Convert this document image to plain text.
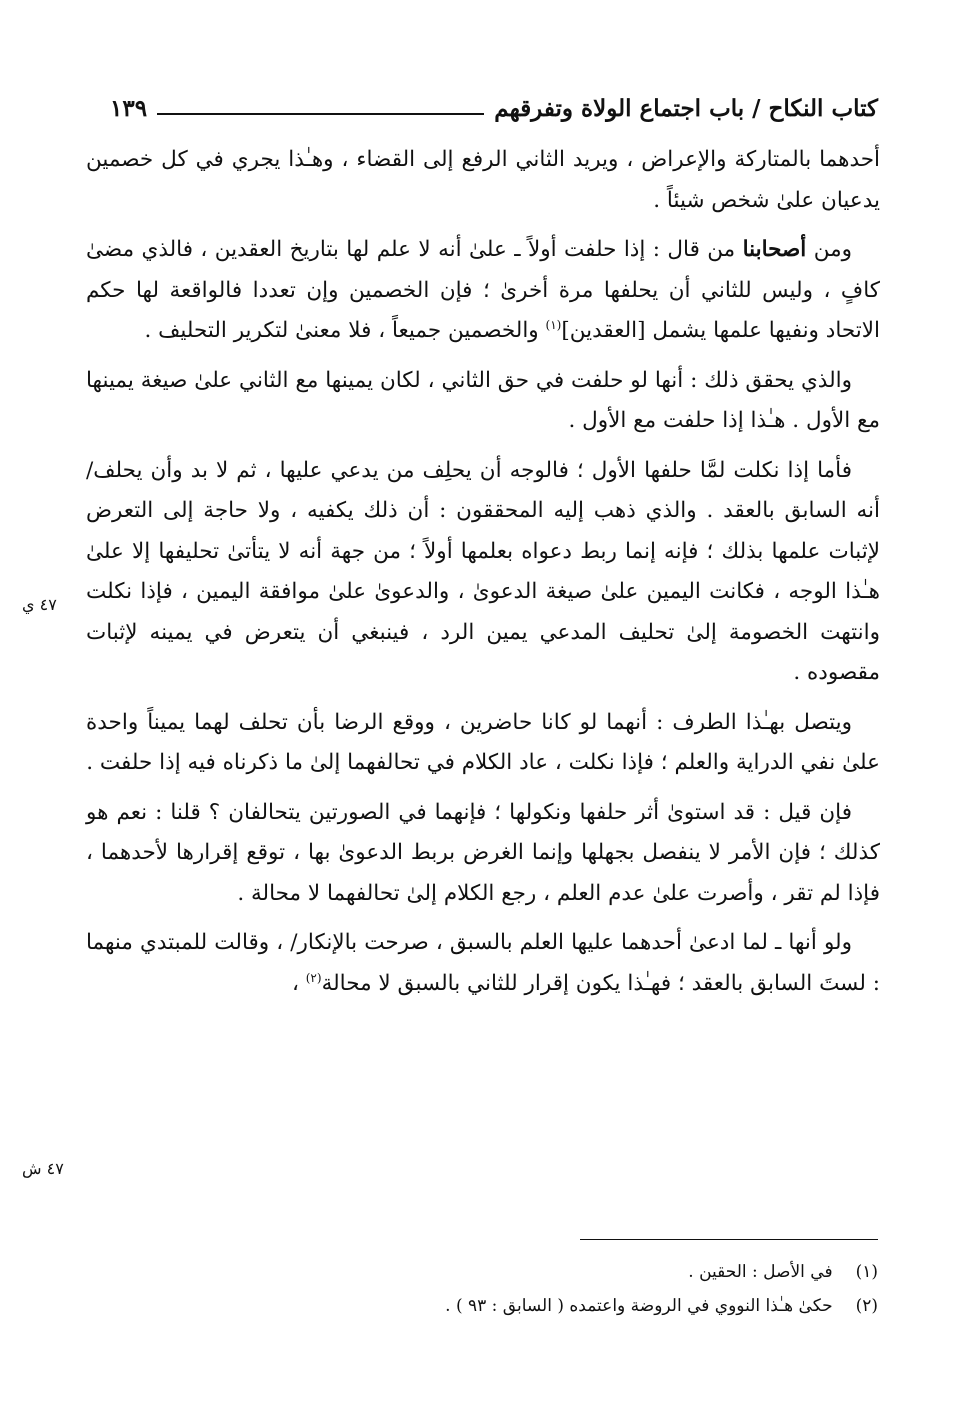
كتاب النكاح / باب اجتماع الولاة وتفرقهم
١٣٩

أحدهما بالمتاركة والإعراض ، ويريد الثاني الرفع إلى القضاء ، وهـٰذا يجري في كل خصمين يدعيان علىٰ شخص شيئاً .

ومن أصحابنا من قال : إذا حلفت أولاً ـ علىٰ أنه لا علم لها بتاريخ العقدين ، فالذي مضىٰ كافٍ ، وليس للثاني أن يحلفها مرة أخرىٰ ؛ فإن الخصمين وإن تعددا فالواقعة لها حكم الاتحاد ونفيها علمها يشمل [العقدين]$^{(١)}$ والخصمين جميعاً ، فلا معنىٰ لتكرير التحليف .

والذي يحقق ذلك : أنها لو حلفت في حق الثاني ، لكان يمينها مع الثاني علىٰ صيغة يمينها مع الأول . هـٰذا إذا حلفت مع الأول .

فأما إذا نكلت لمَّا حلفها الأول ؛ فالوجه أن يحلِف من يدعي عليها ، ثم لا بد وأن يحلف/ أنه السابق بالعقد . والذي ذهب إليه المحققون : أن ذلك يكفيه ، ولا حاجة إلى التعرض لإثبات علمها بذلك ؛ فإنه إنما ربط دعواه بعلمها أولاً ؛ من جهة أنه لا يتأتىٰ تحليفها إلا علىٰ هـٰذا الوجه ، فكانت اليمين علىٰ صيغة الدعوىٰ ، والدعوىٰ علىٰ موافقة اليمين ، فإذا نكلت وانتهت الخصومة إلىٰ تحليف المدعي يمين الرد ، فينبغي أن يتعرض في يمينه لإثبات مقصوده .

ويتصل بهـٰذا الطرف : أنهما لو كانا حاضرين ، ووقع الرضا بأن تحلف لهما يميناً واحدة علىٰ نفي الدراية والعلم ؛ فإذا نكلت ، عاد الكلام في تحالفهما إلىٰ ما ذكرناه فيه إذا حلفت .

فإن قيل : قد استوىٰ أثر حلفها ونكولها ؛ فإنهما في الصورتين يتحالفان ؟ قلنا : نعم هو كذلك ؛ فإن الأمر لا ينفصل بجهلها وإنما الغرض بربط الدعوىٰ بها ، توقع إقرارها لأحدهما ، فإذا لم تقر ، وأصرت علىٰ عدم العلم ، رجع الكلام إلىٰ تحالفهما لا محالة .

ولو أنها ـ لما ادعىٰ أحدهما عليها العلم بالسبق ، صرحت بالإنكار/ ، وقالت للمبتدي منهما : لستَ السابق بالعقد ؛ فهـٰذا يكون إقرار للثاني بالسبق لا محالة$^{(٢)}$ ،

٤٧ ي
٤٧ ش
(١) في الأصل : الحقين .
(٢) حكىٰ هـٰذا النووي في الروضة واعتمده ( السابق : ٩٣ ) .
